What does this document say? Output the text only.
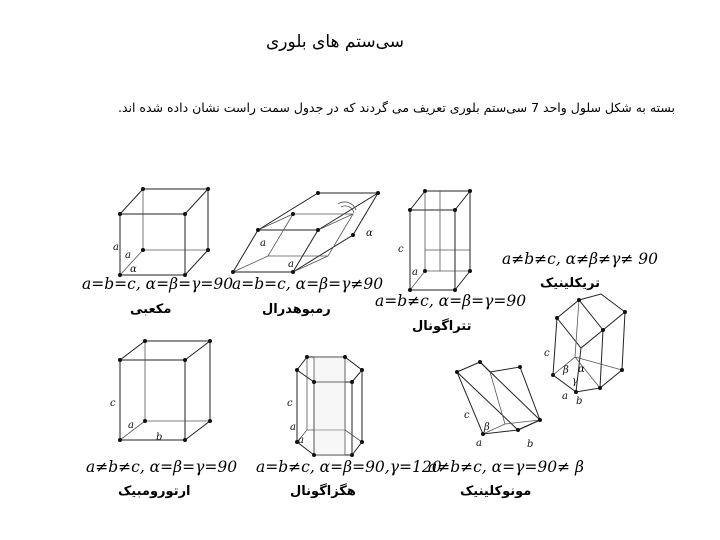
سی‌ستم های بلوری
بسته به شکل سلول واحد 7 سی‌ستم بلوری تعریف می گردند که در جدول سمت راست نشان داده شده اند.
a
a
α
a
a
α
c
a
c
β α
γ
a b
c
a
b
c
a
a
c
β
a	b
a=b=c, α=β=γ=90
a=b=c, α=β=γ≠90
a=b≠c, α=β=γ=90
a≠b≠c, α≠β≠γ≠ 90
a≠b≠c, α=β=γ=90 a=b≠c, α=β=90,γ=120
a≠b≠c, α=γ=90≠ β
مکعبی	رمبوهدرال
تتراگونال
تریکلینیک
ارتورومبیک	هگزاگونال	مونوکلینیک
